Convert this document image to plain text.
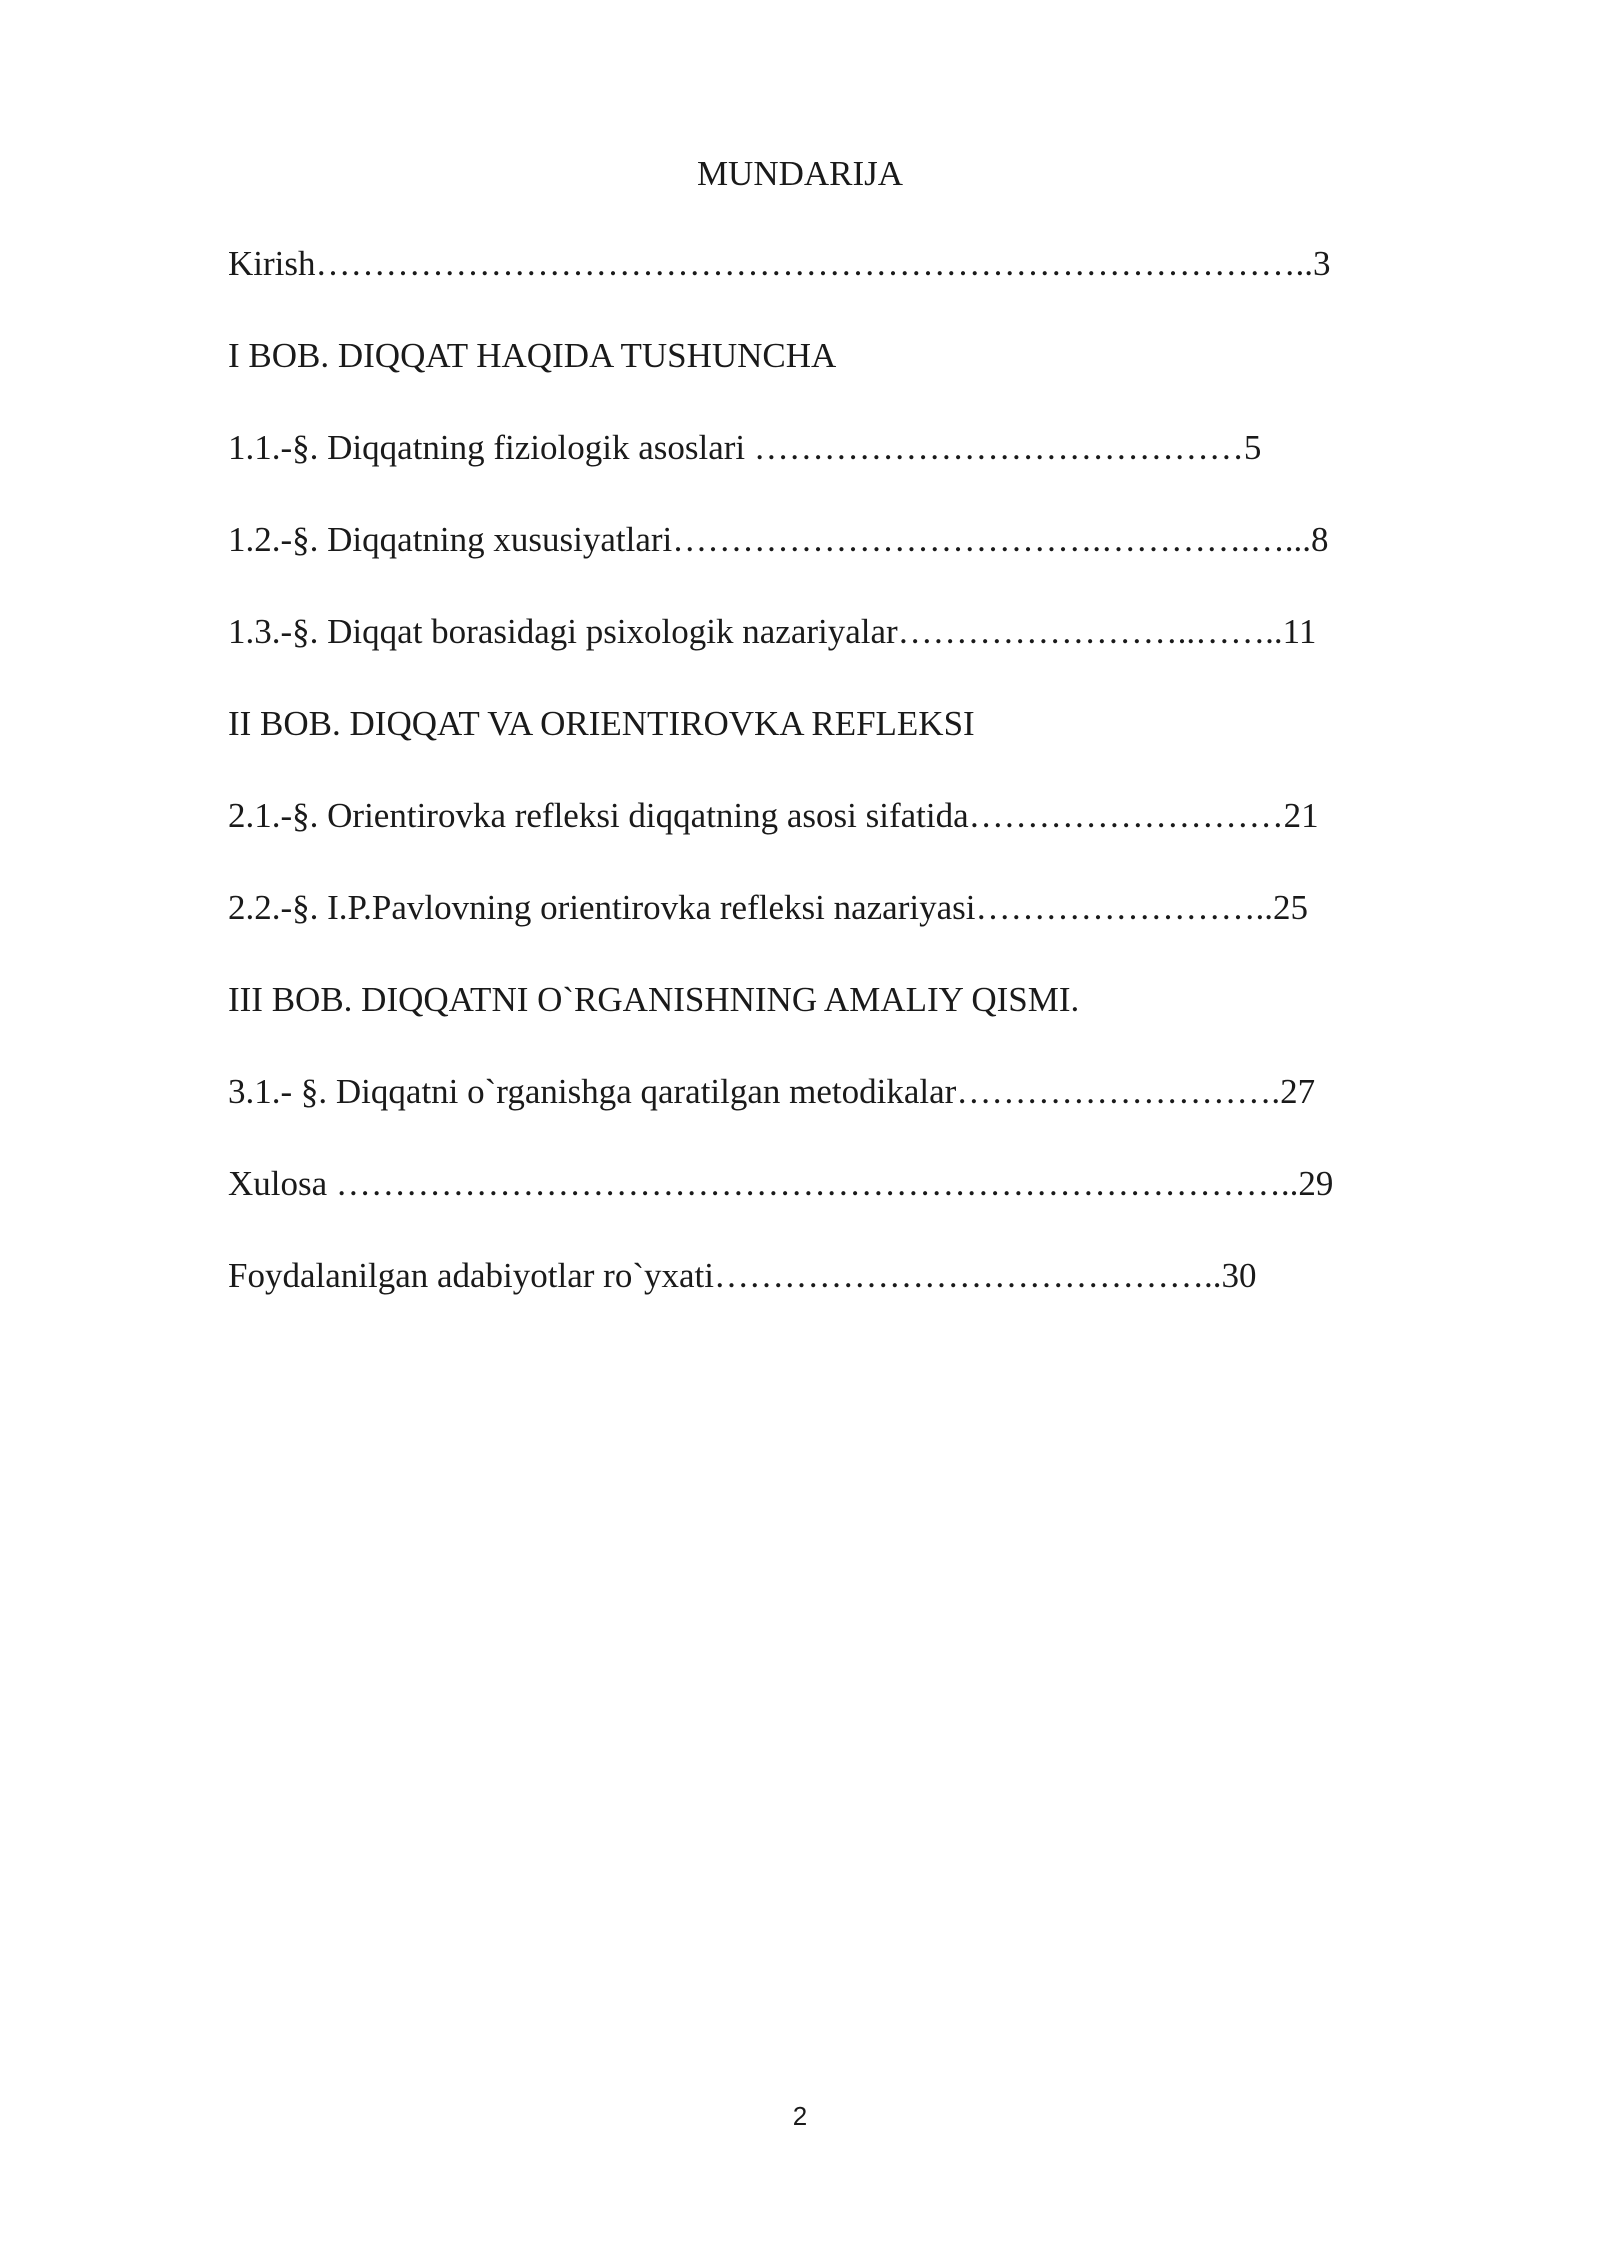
MUNDARIJA
Kirish…………………………………………………………………………..3
I BOB. DIQQAT HAQIDA TUSHUNCHA
1.1.-§. Diqqatning fiziologik asoslari ……………………………………5
1.2.-§. Diqqatning xususiyatlari……………………………….………….…...8
1.3.-§. Diqqat borasidagi psixologik nazariyalar……………………..……..11
II BOB. DIQQAT VA ORIENTIROVKA REFLEKSI
2.1.-§. Orientirovka refleksi diqqatning asosi sifatida………………………21
2.2.-§. I.P.Pavlovning orientirovka refleksi nazariyasi……………………..25
III BOB. DIQQATNI O`RGANISHNING AMALIY QISMI.
3.1.- §. Diqqatni o`rganishga qaratilgan metodikalar……………………….27
Xulosa ………………………………………………………………………..29
Foydalanilgan adabiyotlar ro`yxati……………………………………..30
2
